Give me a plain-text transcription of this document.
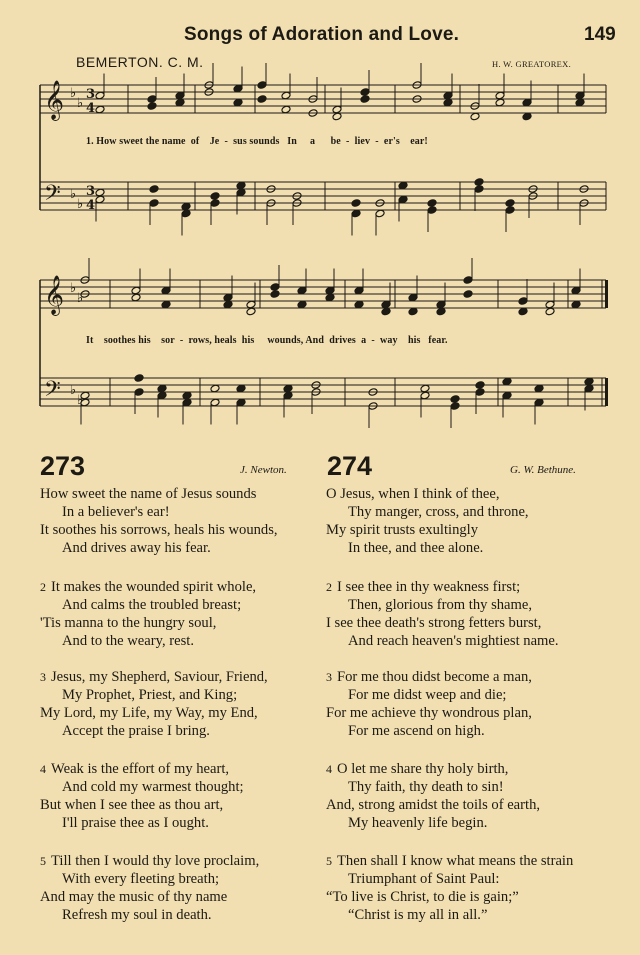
Songs of Adoration and Love.	149
BEMERTON. C. M.	H. W. GREATOREX.
𝄞 ♭
♭
3
4
𝄢 ♭
♭
3
4
𝄞 ♭
♭
𝄢 ♭
♭
1. How sweet the name  of    Je  -  sus sounds   In     a      be  -  liev  -  er's    ear!
It    soothes his    sor  -  rows, heals  his     wounds, And  drives  a  -  way    his   fear.
273	J. Newton. 274	G. W. Bethune.
How sweet the name of Jesus sounds
In a believer's ear!
It soothes his sorrows, heals his wounds,
And drives away his fear.
2 It makes the wounded spirit whole,
And calms the troubled breast;
'Tis manna to the hungry soul,
And to the weary, rest.
3 Jesus, my Shepherd, Saviour, Friend,
My Prophet, Priest, and King;
My Lord, my Life, my Way, my End,
Accept the praise I bring.
4 Weak is the effort of my heart,
And cold my warmest thought;
But when I see thee as thou art,
I'll praise thee as I ought.
5 Till then I would thy love proclaim,
With every fleeting breath;
And may the music of thy name
Refresh my soul in death.
O Jesus, when I think of thee,
Thy manger, cross, and throne,
My spirit trusts exultingly
In thee, and thee alone.
2 I see thee in thy weakness first;
Then, glorious from thy shame,
I see thee death's strong fetters burst,
And reach heaven's mightiest name.
3 For me thou didst become a man,
For me didst weep and die;
For me achieve thy wondrous plan,
For me ascend on high.
4 O let me share thy holy birth,
Thy faith, thy death to sin!
And, strong amidst the toils of earth,
My heavenly life begin.
5 Then shall I know what means the strain
Triumphant of Saint Paul:
“To live is Christ, to die is gain;”
“Christ is my all in all.”
